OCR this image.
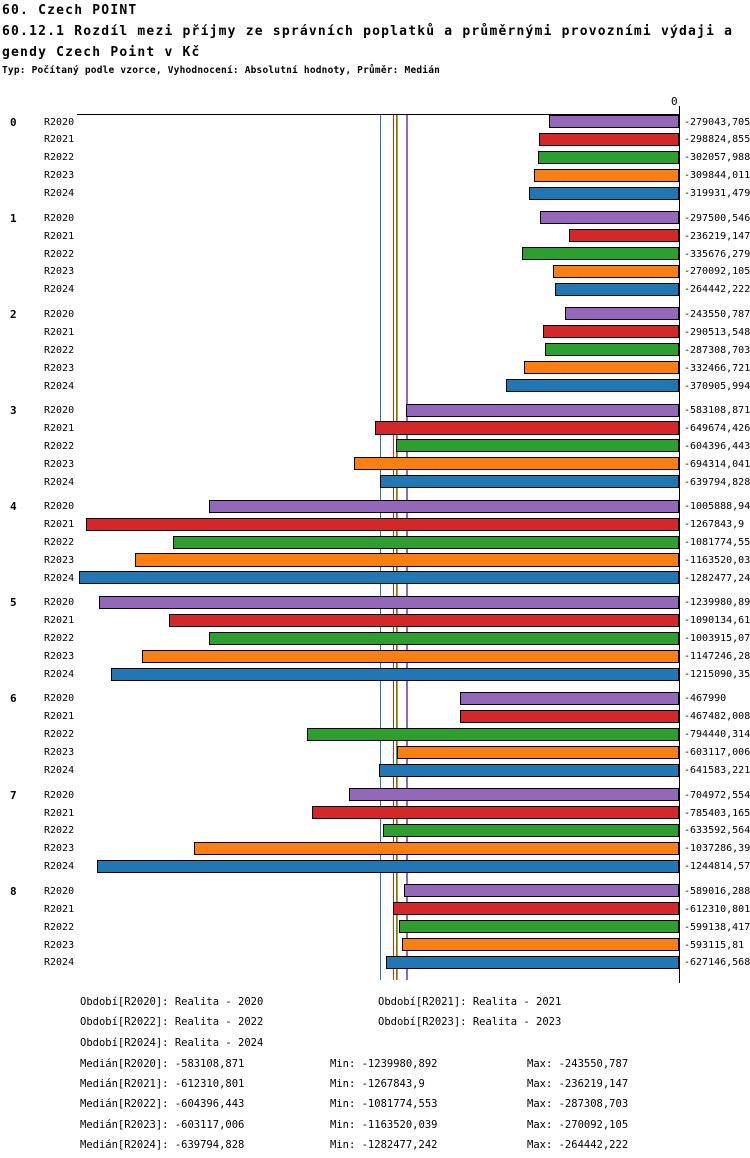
60. Czech POINT
60.12.1 Rozdíl mezi příjmy ze správních poplatků a průměrnými provozními výdaji a
gendy Czech Point v Kč
Typ: Počítaný podle vzorce, Vyhodnocení: Absolutní hodnoty, Průměr: Medián
0
0	R2020	-279043,705
R2021	-298824,855
R2022	-302057,988
R2023	-309844,011
R2024	-319931,479
1	R2020	-297500,546
R2021	-236219,147
R2022	-335676,279
R2023	-270092,105
R2024	-264442,222
2	R2020	-243550,787
R2021	-290513,548
R2022	-287308,703
R2023	-332466,721
R2024	-370905,994
3	R2020	-583108,871
R2021	-649674,426
R2022	-604396,443
R2023	-694314,041
R2024	-639794,828
4	R2020	-1005888,94
R2021	-1267843,9
R2022	-1081774,55
R2023	-1163520,03
R2024	-1282477,24
5	R2020	-1239980,89
R2021	-1090134,61
R2022	-1003915,07
R2023	-1147246,28
R2024	-1215090,35
6	R2020	-467990
R2021	-467482,008
R2022	-794440,314
R2023	-603117,006
R2024	-641583,221
7	R2020	-704972,554
R2021	-785403,165
R2022	-633592,564
R2023	-1037286,39
R2024	-1244814,57
8	R2020	-589016,288
R2021	-612310,801
R2022	-599138,417
R2023	-593115,81
R2024	-627146,568
Období[R2020]: Realita - 2020	Období[R2021]: Realita - 2021
Období[R2022]: Realita - 2022	Období[R2023]: Realita - 2023
Období[R2024]: Realita - 2024
Medián[R2020]: -583108,871	Min: -1239980,892	Max: -243550,787
Medián[R2021]: -612310,801	Min: -1267843,9	Max: -236219,147
Medián[R2022]: -604396,443	Min: -1081774,553	Max: -287308,703
Medián[R2023]: -603117,006	Min: -1163520,039	Max: -270092,105
Medián[R2024]: -639794,828	Min: -1282477,242	Max: -264442,222
